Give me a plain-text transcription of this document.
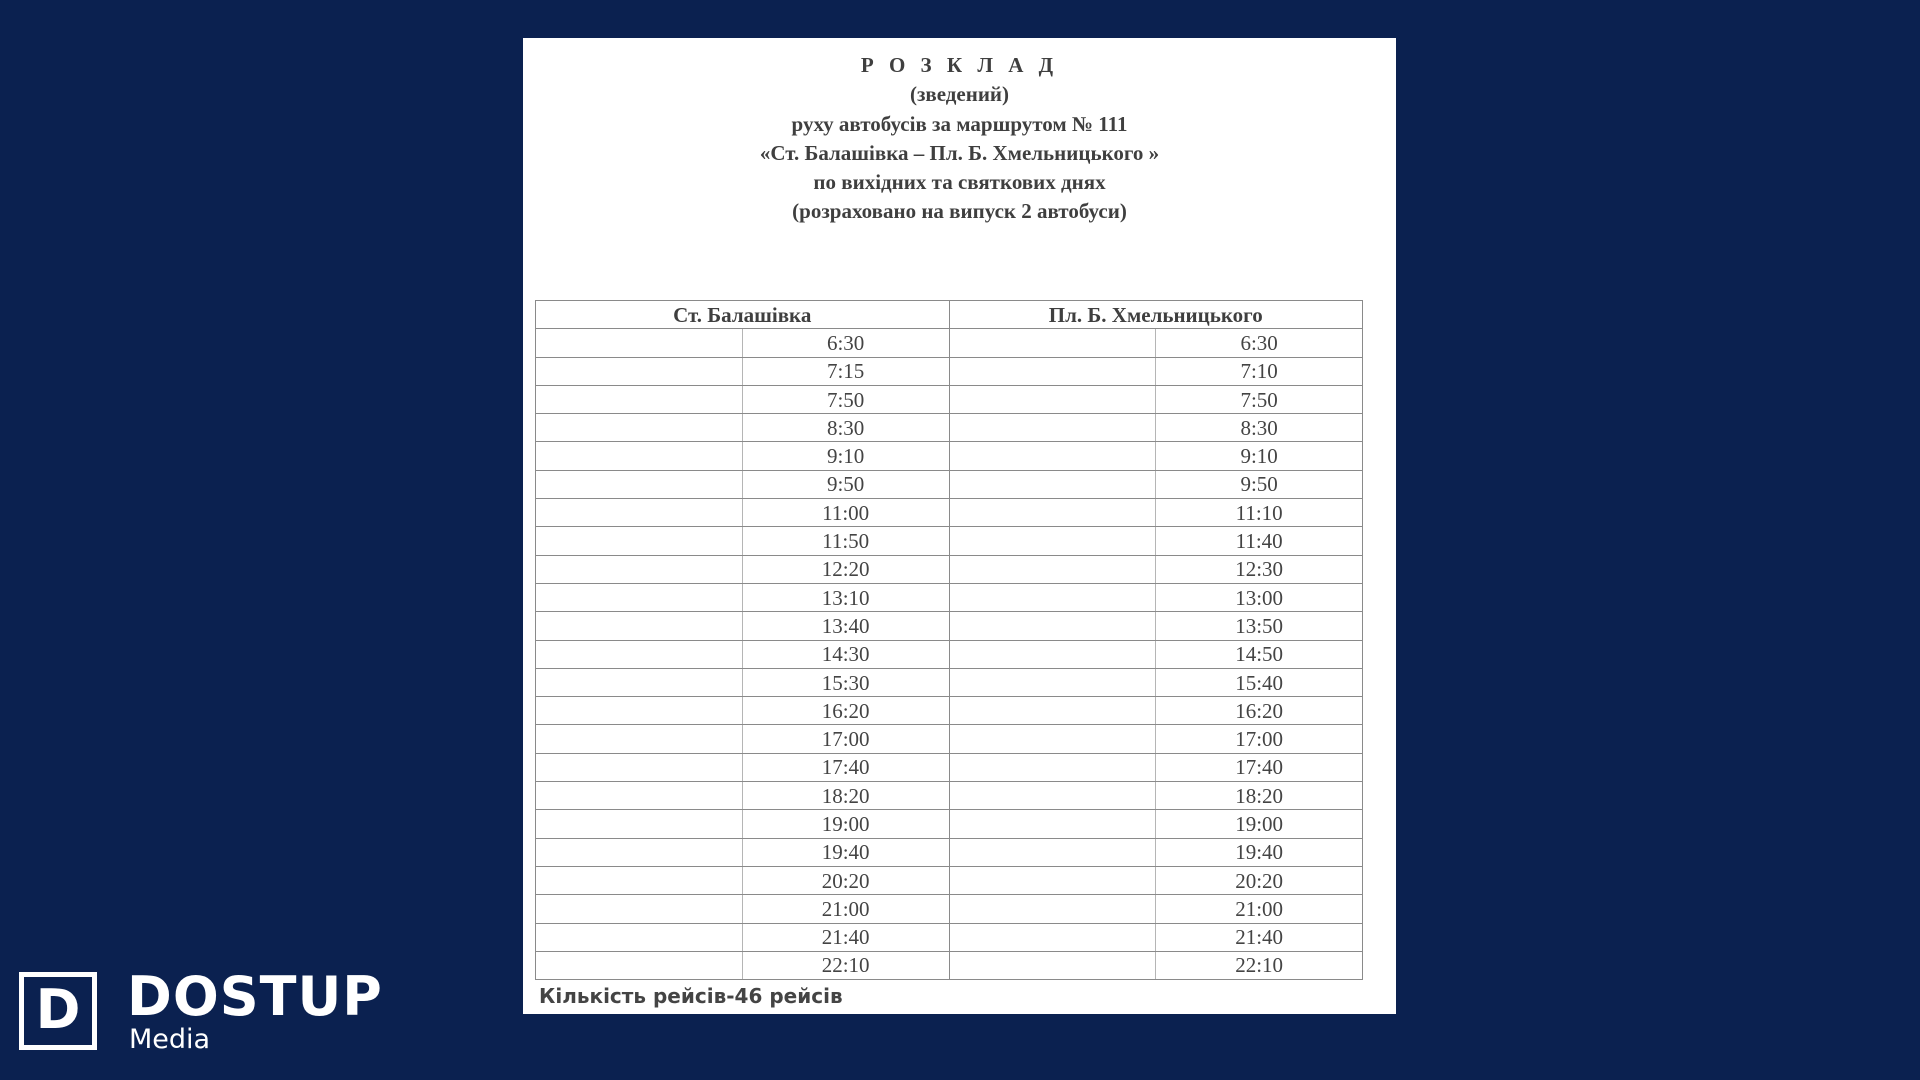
Р О З К Л А Д
(зведений)
руху автобусів за маршрутом № 111
«Ст. Балашівка – Пл. Б. Хмельницького »
по вихідних та святкових днях
(розраховано на випуск 2 автобуси)
Ст. Балашівка		Пл. Б. Хмельницького	
	6:30		6:30
	7:15		7:10
	7:50		7:50
	8:30		8:30
	9:10		9:10
	9:50		9:50
	11:00		11:10
	11:50		11:40
	12:20		12:30
	13:10		13:00
	13:40		13:50
	14:30		14:50
	15:30		15:40
	16:20		16:20
	17:00		17:00
	17:40		17:40
	18:20		18:20
	19:00		19:00
	19:40		19:40
	20:20		20:20
	21:00		21:00
	21:40		21:40
	22:10		22:10
Кількість рейсів-46 рейсів
D DOSTUP
Media
